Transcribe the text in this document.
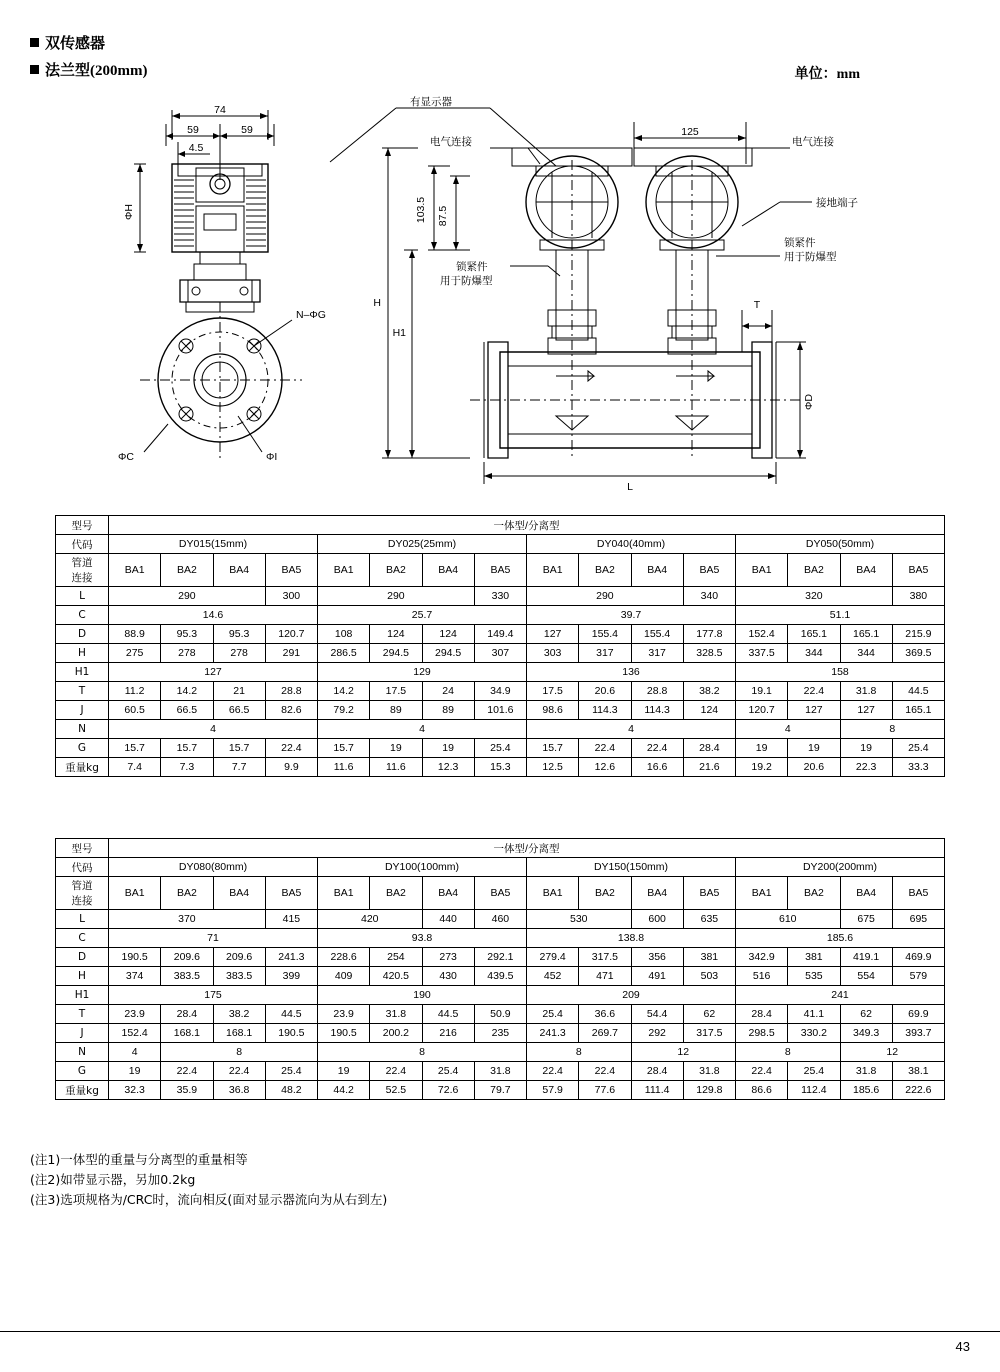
双传感器
法兰型(200mm)	单位：mm
74
59	59
4.5
125
L
H
H1
T
103.5 87.5
ΦH
ΦD
N–ΦG
ΦC	ΦI
有显示器
电气连接	电气连接
接地端子
锁紧件
用于防爆型
锁紧件
用于防爆型
型号	一体型/分离型															
代码	DY015(15mm)				DY025(25mm)				DY040(40mm)				DY050(50mm)			

管道
连接	BA1	BA2	BA4	BA5	BA1	BA2	BA4	BA5	BA1	BA2	BA4	BA5	BA1	BA2	BA4	BA5
L	290			300	290			330	290			340	320			380
C	14.6				25.7				39.7				51.1			
D	88.9	95.3	95.3	120.7	108	124	124	149.4	127	155.4	155.4	177.8	152.4	165.1	165.1	215.9
H	275	278	278	291	286.5	294.5	294.5	307	303	317	317	328.5	337.5	344	344	369.5
H1	127				129				136				158			
T	11.2	14.2	21	28.8	14.2	17.5	24	34.9	17.5	20.6	28.8	38.2	19.1	22.4	31.8	44.5
J	60.5	66.5	66.5	82.6	79.2	89	89	101.6	98.6	114.3	114.3	124	120.7	127	127	165.1
N	4				4				4				4		8	
G	15.7	15.7	15.7	22.4	15.7	19	19	25.4	15.7	22.4	22.4	28.4	19	19	19	25.4
重量kg	7.4	7.3	7.7	9.9	11.6	11.6	12.3	15.3	12.5	12.6	16.6	21.6	19.2	20.6	22.3	33.3
型号	一体型/分离型															
代码	DY080(80mm)				DY100(100mm)				DY150(150mm)				DY200(200mm)			

管道
连接	BA1	BA2	BA4	BA5	BA1	BA2	BA4	BA5	BA1	BA2	BA4	BA5	BA1	BA2	BA4	BA5
L	370			415	420		440	460	530		600	635	610		675	695
C	71				93.8				138.8				185.6			
D	190.5	209.6	209.6	241.3	228.6	254	273	292.1	279.4	317.5	356	381	342.9	381	419.1	469.9
H	374	383.5	383.5	399	409	420.5	430	439.5	452	471	491	503	516	535	554	579
H1	175				190				209				241			
T	23.9	28.4	38.2	44.5	23.9	31.8	44.5	50.9	25.4	36.6	54.4	62	28.4	41.1	62	69.9
J	152.4	168.1	168.1	190.5	190.5	200.2	216	235	241.3	269.7	292	317.5	298.5	330.2	349.3	393.7
N	4	8			8				8		12		8		12	
G	19	22.4	22.4	25.4	19	22.4	25.4	31.8	22.4	22.4	28.4	31.8	22.4	25.4	31.8	38.1
重量kg	32.3	35.9	36.8	48.2	44.2	52.5	72.6	79.7	57.9	77.6	111.4	129.8	86.6	112.4	185.6	222.6
(注1)一体型的重量与分离型的重量相等
(注2)如带显示器，另加0.2kg
(注3)选项规格为/CRC时，流向相反(面对显示器流向为从右到左)
43
